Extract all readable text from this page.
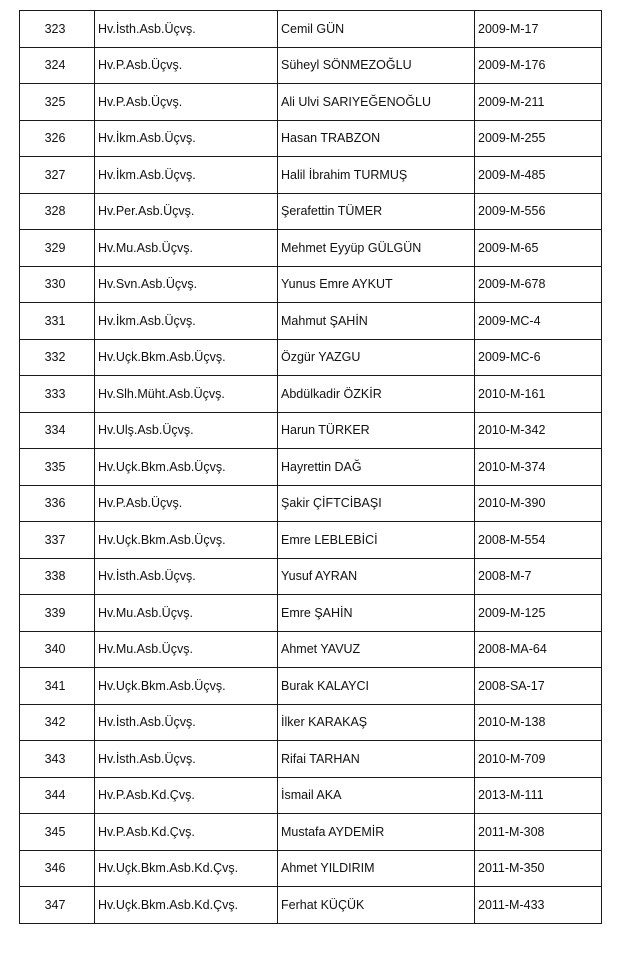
323	Hv.İsth.Asb.Üçvş.	Cemil GÜN	2009-M-17
324	Hv.P.Asb.Üçvş.	Süheyl SÖNMEZOĞLU	2009-M-176
325	Hv.P.Asb.Üçvş.	Ali Ulvi SARIYEĞENOĞLU	2009-M-211
326	Hv.İkm.Asb.Üçvş.	Hasan TRABZON	2009-M-255
327	Hv.İkm.Asb.Üçvş.	Halil İbrahim TURMUŞ	2009-M-485
328	Hv.Per.Asb.Üçvş.	Şerafettin TÜMER	2009-M-556
329	Hv.Mu.Asb.Üçvş.	Mehmet Eyyüp GÜLGÜN	2009-M-65
330	Hv.Svn.Asb.Üçvş.	Yunus Emre AYKUT	2009-M-678
331	Hv.İkm.Asb.Üçvş.	Mahmut ŞAHİN	2009-MC-4
332	Hv.Uçk.Bkm.Asb.Üçvş.	Özgür YAZGU	2009-MC-6
333	Hv.Slh.Müht.Asb.Üçvş.	Abdülkadir ÖZKİR	2010-M-161
334	Hv.Ulş.Asb.Üçvş.	Harun TÜRKER	2010-M-342
335	Hv.Uçk.Bkm.Asb.Üçvş.	Hayrettin DAĞ	2010-M-374
336	Hv.P.Asb.Üçvş.	Şakir ÇİFTCİBAŞI	2010-M-390
337	Hv.Uçk.Bkm.Asb.Üçvş.	Emre LEBLEBİCİ	2008-M-554
338	Hv.İsth.Asb.Üçvş.	Yusuf AYRAN	2008-M-7
339	Hv.Mu.Asb.Üçvş.	Emre ŞAHİN	2009-M-125
340	Hv.Mu.Asb.Üçvş.	Ahmet YAVUZ	2008-MA-64
341	Hv.Uçk.Bkm.Asb.Üçvş.	Burak KALAYCI	2008-SA-17
342	Hv.İsth.Asb.Üçvş.	İlker KARAKAŞ	2010-M-138
343	Hv.İsth.Asb.Üçvş.	Rifai TARHAN	2010-M-709
344	Hv.P.Asb.Kd.Çvş.	İsmail AKA	2013-M-111
345	Hv.P.Asb.Kd.Çvş.	Mustafa AYDEMİR	2011-M-308
346	Hv.Uçk.Bkm.Asb.Kd.Çvş.	Ahmet YILDIRIM	2011-M-350
347	Hv.Uçk.Bkm.Asb.Kd.Çvş.	Ferhat KÜÇÜK	2011-M-433
